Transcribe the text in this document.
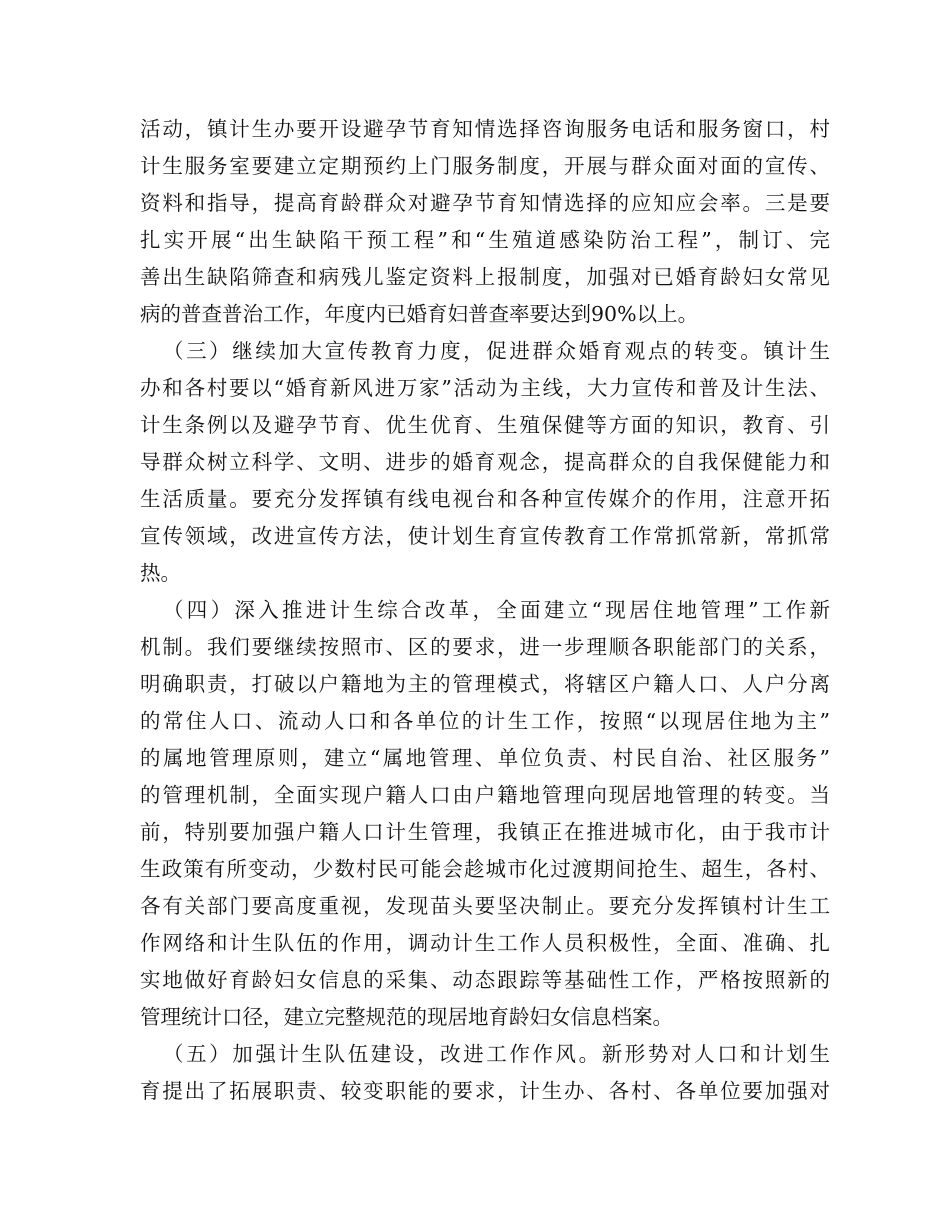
活动，镇计生办要开设避孕节育知情选择咨询服务电话和服务窗口，村
计生服务室要建立定期预约上门服务制度，开展与群众面对面的宣传、
资料和指导，提高育龄群众对避孕节育知情选择的应知应会率。三是要
扎实开展“出生缺陷干预工程”和“生殖道感染防治工程”，制订、完
善出生缺陷筛查和病残儿鉴定资料上报制度，加强对已婚育龄妇女常见
病的普查普治工作，年度内已婚育妇普查率要达到90%以上。
（三）继续加大宣传教育力度，促进群众婚育观点的转变。镇计生
办和各村要以“婚育新风进万家”活动为主线，大力宣传和普及计生法、
计生条例以及避孕节育、优生优育、生殖保健等方面的知识，教育、引
导群众树立科学、文明、进步的婚育观念，提高群众的自我保健能力和
生活质量。要充分发挥镇有线电视台和各种宣传媒介的作用，注意开拓
宣传领域，改进宣传方法，使计划生育宣传教育工作常抓常新，常抓常
热。
（四）深入推进计生综合改革，全面建立“现居住地管理”工作新
机制。我们要继续按照市、区的要求，进一步理顺各职能部门的关系，
明确职责，打破以户籍地为主的管理模式，将辖区户籍人口、人户分离
的常住人口、流动人口和各单位的计生工作，按照“以现居住地为主”
的属地管理原则，建立“属地管理、单位负责、村民自治、社区服务”
的管理机制，全面实现户籍人口由户籍地管理向现居地管理的转变。当
前，特别要加强户籍人口计生管理，我镇正在推进城市化，由于我市计
生政策有所变动，少数村民可能会趁城市化过渡期间抢生、超生，各村、
各有关部门要高度重视，发现苗头要坚决制止。要充分发挥镇村计生工
作网络和计生队伍的作用，调动计生工作人员积极性，全面、准确、扎
实地做好育龄妇女信息的采集、动态跟踪等基础性工作，严格按照新的
管理统计口径，建立完整规范的现居地育龄妇女信息档案。
（五）加强计生队伍建设，改进工作作风。新形势对人口和计划生
育提出了拓展职责、较变职能的要求，计生办、各村、各单位要加强对
